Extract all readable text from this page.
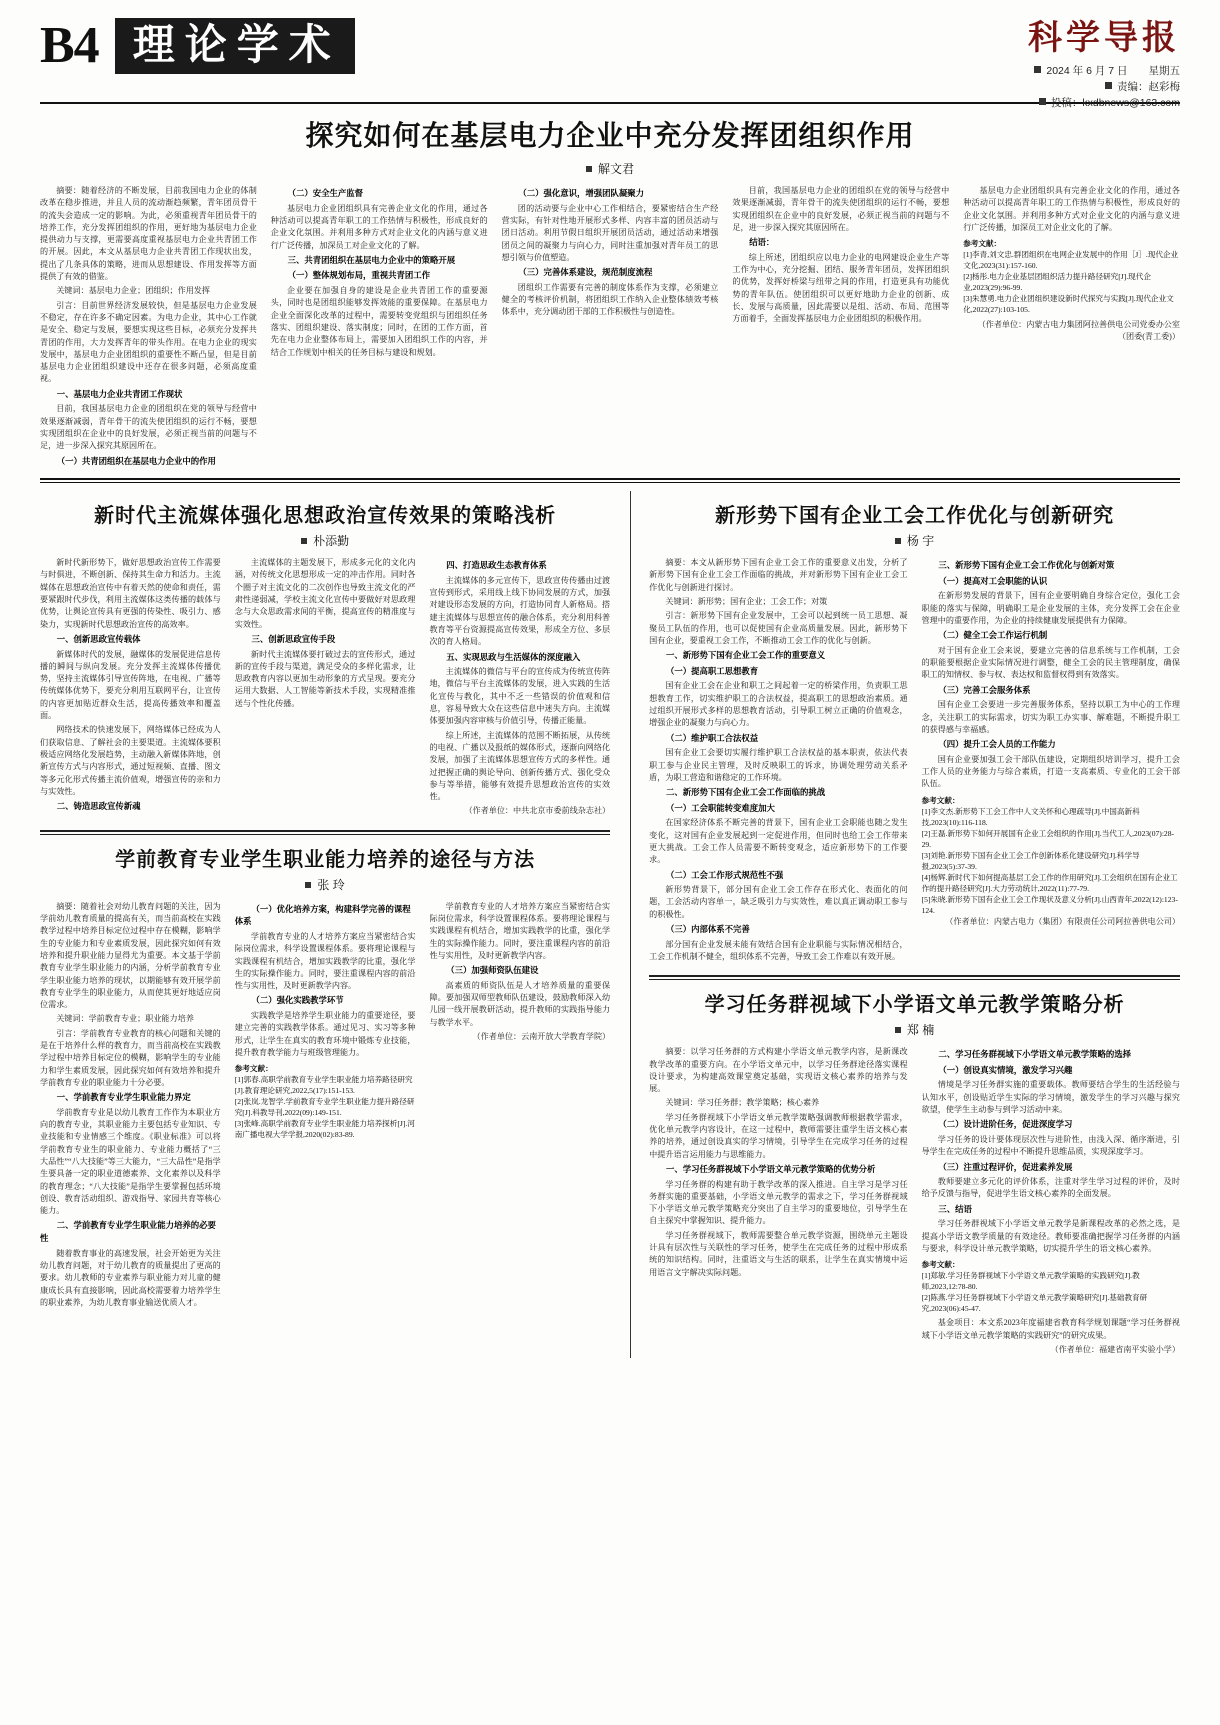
B4 理论学术	科学导报
2024 年 6 月 7 日　　星期五
责编：赵彩梅
投稿：kxdbnews@163.com
探究如何在基层电力企业中充分发挥团组织作用
解文君

摘要：随着经济的不断发展，目前我国电力企业的体制改革在稳步推进，并且人员的流动渐趋频繁，青年团员骨干的流失会造成一定的影响。为此，必须重视青年团员骨干的培养工作，充分发挥团组织的作用，更好地为基层电力企业提供动力与支撑，更需要高度重视基层电力企业共青团工作的开展。因此，本文从基层电力企业共青团工作现状出发，提出了几条具体的策略，进而从思想建设、作用发挥等方面提供了有效的借鉴。

关键词：基层电力企业；团组织；作用发挥

引言：目前世界经济发展较快，但是基层电力企业发展不稳定，存在许多不确定因素。为电力企业，其中心工作就是安全、稳定与发展，要想实现这些目标，必须充分发挥共青团的作用，大力发挥青年的带头作用。在电力企业的现实发展中，基层电力企业团组织的重要性不断凸显，但是目前基层电力企业团组织建设中还存在很多问题，必须高度重视。

一、基层电力企业共青团工作现状

目前，我国基层电力企业的团组织在党的领导与经营中效果逐渐减弱，青年骨干的流失使团组织的运行不畅，要想实现团组织在企业中的良好发展，必须正视当前的问题与不足，进一步深入探究其原因所在。

（一）共青团组织在基层电力企业中的作用

（二）安全生产监督

基层电力企业团组织具有完善企业文化的作用，通过各种活动可以提高青年职工的工作热情与积极性，形成良好的企业文化氛围。并利用多种方式对企业文化的内涵与意义进行广泛传播，加深员工对企业文化的了解。

三、共青团组织在基层电力企业中的策略开展

（一）整体规划布局，重视共青团工作

企业要在加强自身的建设是企业共青团工作的重要源头，同时也是团组织能够发挥效能的重要保障。在基层电力企业全面深化改革的过程中，需要转变党组织与团组织任务落实、团组织建设、落实制度；同时，在团的工作方面，首先在电力企业整体布局上，需要加入团组织工作的内容，并结合工作规划中相关的任务目标与建设和规划。

（二）强化意识，增强团队凝聚力

团的活动要与企业中心工作相结合，要紧密结合生产经营实际，有针对性地开展形式多样、内容丰富的团员活动与团日活动。利用节假日组织开展团员活动，通过活动来增强团员之间的凝聚力与向心力，同时注重加强对青年员工的思想引领与价值塑造。

（三）完善体系建设，规范制度流程

团组织工作需要有完善的制度体系作为支撑，必须建立健全的考核评价机制，将团组织工作纳入企业整体绩效考核体系中，充分调动团干部的工作积极性与创造性。

目前，我国基层电力企业的团组织在党的领导与经营中效果逐渐减弱，青年骨干的流失使团组织的运行不畅，要想实现团组织在企业中的良好发展，必须正视当前的问题与不足，进一步深入探究其原因所在。

结语：

综上所述，团组织应以电力企业的电网建设企业生产等工作为中心，充分挖掘、团结、服务青年团员，发挥团组织的优势，发挥好桥梁与纽带之间的作用，打造更具有功能优势的青年队伍。使团组织可以更好地助力企业的创新、成长、发展与高质量，因此需要以是组、活动、布局、范围等方面着手，全面发挥基层电力企业团组织的积极作用。

基层电力企业团组织具有完善企业文化的作用，通过各种活动可以提高青年职工的工作热情与积极性，形成良好的企业文化氛围。并利用多种方式对企业文化的内涵与意义进行广泛传播，加深员工对企业文化的了解。

参考文献：

[1]李青,刘文忠.群团组织在电网企业发展中的作用［J］.现代企业文化,2023(31):157-160.

[2]杨彤.电力企业基层团组织活力提升路径研究[J].现代企业,2023(29):96-99.

[3]朱慧勇.电力企业团组织建设新时代探究与实践[J].现代企业文化,2022(27):103-105.

（作者单位：内蒙古电力集团阿拉善供电公司党委办公室（团委(青工委)）

新时代主流媒体强化思想政治宣传效果的策略浅析
朴添勤

新时代新形势下，做好思想政治宣传工作需要与时俱进，不断创新、保持其生命力和活力。主流媒体在思想政治宣传中有着天然的使命和责任，需要紧跟时代步伐，利用主流媒体这类传播的载体与优势，让舆论宣传具有更强的传染性、吸引力、感染力，实现新时代思想政治宣传的高效率。

一、创新思政宣传载体

新媒体时代的发展，融媒体的发展促进信息传播的瞬间与纵向发展。充分发挥主流媒体传播优势，坚持主流媒体引导宣传阵地，在电视、广播等传统媒体优势下，要充分利用互联网平台，让宣传的内容更加贴近群众生活，提高传播效率和覆盖面。

网络技术的快速发展下，网络媒体已经成为人们获取信息、了解社会的主要渠道。主流媒体要积极适应网络化发展趋势，主动融入新媒体阵地，创新宣传方式与内容形式，通过短视频、直播、图文等多元化形式传播主流价值观，增强宣传的亲和力与实效性。

二、铸造思政宣传新魂

主流媒体的主题发展下，形成多元化的文化内涵，对传统文化思想形成一定的冲击作用。同时各个圈子对主流文化的二次创作也导致主流文化的严肃性递弱减，学校主流文化宣传中要做好对思政理念与大众思政需求间的平衡，提高宣传的精准度与实效性。

三、创新思政宣传手段

新时代主流媒体要打破过去的宣传形式，通过新的宣传手段与渠道，满足受众的多样化需求，让思政教育内容以更加生动形象的方式呈现。要充分运用大数据、人工智能等新技术手段，实现精准推送与个性化传播。

四、打造思政生态教育体系

主流媒体的多元宣传下，思政宣传传播由过渡宣传到形式，采用线上线下协同发展的方式，加强对建设形态发展的方向，打造协同育人新格局。搭建主流媒体与思想宣传的融合体系，充分利用科普教育等平台资源提高宣传效果，形成全方位、多层次的育人格局。

五、实现思政与生活媒体的深度融入

主流媒体的微信与平台的宣传成为传统宣传阵地，微信与平台主流媒体的发展，进入实践的生活化宣传与教化，其中不乏一些错误的价值观和信息，容易导致大众在这些信息中迷失方向。主流媒体要加强内容审核与价值引导，传播正能量。

综上所述，主流媒体的范围不断拓展，从传统的电视、广播以及报纸的媒体形式，逐渐向网络化发展，加强了主流媒体思想宣传方式的多样性。通过把握正确的舆论导向、创新传播方式、强化受众参与等举措，能够有效提升思想政治宣传的实效性。

（作者单位：中共北京市委前线杂志社）

学前教育专业学生职业能力培养的途径与方法
张 玲

摘要：随着社会对幼儿教育问题的关注，因为学前幼儿教育质量的提高有关，而当前高校在实践教学过程中培养目标定位过程中存在模糊，影响学生的专业能力和专业素质发展，因此探究如何有效培养和提升职业能力显得尤为重要。本文基于学前教育专业学生职业能力的内涵，分析学前教育专业学生职业能力培养的现状，以期能够有效开展学前教育专业学生的职业能力，从而使其更好地适应岗位需求。

关键词：学前教育专业；职业能力培养

引言：学前教育专业教育的核心问题和关键的是在于培养什么样的教育力，而当前高校在实践教学过程中培养目标定位的模糊，影响学生的专业能力和学生素质发展，因此探究如何有效培养和提升学前教育专业的职业能力十分必要。

一、学前教育专业学生职业能力界定

学前教育专业是以幼儿教育工作作为本职业方向的教育专业，其职业能力主要包括专业知识、专业技能和专业情感三个维度。《职业标准》可以将学前教育专业生的职业能力、专业能力概括了“三大品性”“八大技能”等三大能力，“三大品性”是指学生要具备一定的职业道德素养、文化素养以及科学的教育理念；“八大技能”是指学生要掌握包括环境创设、教育活动组织、游戏指导、家园共育等核心能力。

二、学前教育专业学生职业能力培养的必要性

随着教育事业的高速发展，社会开始更为关注幼儿教育问题，对于幼儿教育的质量提出了更高的要求。幼儿教师的专业素养与职业能力对儿童的健康成长具有直接影响，因此高校需要着力培养学生的职业素养，为幼儿教育事业输送优质人才。

（一）优化培养方案，构建科学完善的课程体系

学前教育专业的人才培养方案应当紧密结合实际岗位需求，科学设置课程体系。要将理论课程与实践课程有机结合，增加实践教学的比重，强化学生的实际操作能力。同时，要注重课程内容的前沿性与实用性，及时更新教学内容。

（二）强化实践教学环节

实践教学是培养学生职业能力的重要途径，要建立完善的实践教学体系。通过见习、实习等多种形式，让学生在真实的教育环境中锻炼专业技能，提升教育教学能力与班级管理能力。

参考文献：

[1]郭春.高职学前教育专业学生职业能力培养路径研究[J].教育理论研究,2022,5(17):151-153.

[2]张岚.龙智学.学前教育专业学生职业能力提升路径研究[J].科教导刊,2022(09):149-151.

[3]张峰.高职学前教育专业学生职业能力培养探析[J].河南广播电视大学学报,2020(02):83-89.

学前教育专业的人才培养方案应当紧密结合实际岗位需求，科学设置课程体系。要将理论课程与实践课程有机结合，增加实践教学的比重，强化学生的实际操作能力。同时，要注重课程内容的前沿性与实用性，及时更新教学内容。

（三）加强师资队伍建设

高素质的师资队伍是人才培养质量的重要保障。要加强双师型教师队伍建设，鼓励教师深入幼儿园一线开展教研活动，提升教师的实践指导能力与教学水平。

（作者单位：云南开放大学教育学院）

新形势下国有企业工会工作优化与创新研究
杨 宇

摘要：本文从新形势下国有企业工会工作的重要意义出发，分析了新形势下国有企业工会工作面临的挑战，并对新形势下国有企业工会工作优化与创新进行探讨。

关键词：新形势；国有企业；工会工作；对策

引言：新形势下国有企业发展中，工会可以起到统一员工思想、凝聚员工队伍的作用，也可以促使国有企业高质量发展。因此，新形势下国有企业，要重视工会工作，不断推动工会工作的优化与创新。

一、新形势下国有企业工会工作的重要意义

（一）提高职工思想教育

国有企业工会在企业和职工之间起着一定的桥梁作用，负责职工思想教育工作，切实维护职工的合法权益，提高职工的思想政治素质。通过组织开展形式多样的思想教育活动，引导职工树立正确的价值观念，增强企业的凝聚力与向心力。

（二）维护职工合法权益

国有企业工会要切实履行维护职工合法权益的基本职责，依法代表职工参与企业民主管理，及时反映职工的诉求，协调处理劳动关系矛盾，为职工营造和谐稳定的工作环境。

二、新形势下国有企业工会工作面临的挑战

（一）工会职能转变难度加大

在国家经济体系不断完善的背景下，国有企业工会职能也随之发生变化，这对国有企业发展起到一定促进作用，但同时也给工会工作带来更大挑战。工会工作人员需要不断转变观念，适应新形势下的工作要求。

（二）工会工作形式规范性不强

新形势背景下，部分国有企业工会工作存在形式化、表面化的问题，工会活动内容单一，缺乏吸引力与实效性，难以真正调动职工参与的积极性。

（三）内部体系不完善

部分国有企业发展未能有效结合国有企业职能与实际情况相结合，工会工作机制不健全，组织体系不完善，导致工会工作难以有效开展。

三、新形势下国有企业工会工作优化与创新对策

（一）提高对工会职能的认识

在新形势发展的背景下，国有企业要明确自身综合定位，强化工会职能的落实与保障，明确职工是企业发展的主体，充分发挥工会在企业管理中的重要作用，为企业的持续健康发展提供有力保障。

（二）健全工会工作运行机制

对于国有企业工会来说，要建立完善的信息系统与工作机制，工会的职能要根据企业实际情况进行调整，健全工会的民主管理制度，确保职工的知情权、参与权、表达权和监督权得到有效落实。

（三）完善工会服务体系

国有企业工会要进一步完善服务体系，坚持以职工为中心的工作理念，关注职工的实际需求，切实为职工办实事、解难题，不断提升职工的获得感与幸福感。

（四）提升工会人员的工作能力

国有企业要加强工会干部队伍建设，定期组织培训学习，提升工会工作人员的业务能力与综合素质，打造一支高素质、专业化的工会干部队伍。

参考文献：

[1]李文杰.新形势下工会工作中人文关怀和心理疏导[J].中国高新科技,2023(10):116-118.

[2]王磊.新形势下如何开展国有企业工会组织的作用[J].当代工人,2023(07):28-29.

[3]刘艳.新形势下国有企业工会工作创新体系化建设研究[J].科学导报,2023(5):37-39.

[4]杨辉.新时代下如何提高基层工会工作的作用研究[J].工会组织在国有企业工作的提升路径研究[J].大力劳动统计,2022(11):77-79.

[5]朱晓.新形势下国有企业工会工作现状及意义分析[J].山西青年,2022(12):123-124.

（作者单位：内蒙古电力（集团）有限责任公司阿拉善供电公司）

学习任务群视域下小学语文单元教学策略分析
郑 楠

摘要：以学习任务群的方式构建小学语文单元教学内容，是新课改教学改革的重要方向。在小学语文单元中，以学习任务群途径落实课程设计要求，为构建高效课堂奠定基础，实现语文核心素养的培养与发展。

关键词：学习任务群；教学策略；核心素养

学习任务群视域下小学语文单元教学策略强调教师根据教学需求，优化单元教学内容设计，在这一过程中，教师需要注重学生语文核心素养的培养，通过创设真实的学习情境，引导学生在完成学习任务的过程中提升语言运用能力与思维能力。

一、学习任务群视域下小学语文单元教学策略的优势分析

学习任务群的构建有助于教学改革的深入推进。自主学习是学习任务群实施的重要基础，小学语文单元教学的需求之下，学习任务群视域下小学语文单元教学策略充分突出了自主学习的重要地位，引导学生在自主探究中掌握知识、提升能力。

学习任务群视域下，教师需要整合单元教学资源，围绕单元主题设计具有层次性与关联性的学习任务，使学生在完成任务的过程中形成系统的知识结构。同时，注重语文与生活的联系，让学生在真实情境中运用语言文字解决实际问题。

二、学习任务群视域下小学语文单元教学策略的选择

（一）创设真实情境，激发学习兴趣

情境是学习任务群实施的重要载体。教师要结合学生的生活经验与认知水平，创设贴近学生实际的学习情境，激发学生的学习兴趣与探究欲望，使学生主动参与到学习活动中来。

（二）设计进阶任务，促进深度学习

学习任务的设计要体现层次性与进阶性，由浅入深、循序渐进，引导学生在完成任务的过程中不断提升思维品质，实现深度学习。

（三）注重过程评价，促进素养发展

教师要建立多元化的评价体系，注重对学生学习过程的评价，及时给予反馈与指导，促进学生语文核心素养的全面发展。

三、结语

学习任务群视域下小学语文单元教学是新课程改革的必然之选，是提高小学语文教学质量的有效途径。教师要准确把握学习任务群的内涵与要求，科学设计单元教学策略，切实提升学生的语文核心素养。

参考文献：

[1]郑敏.学习任务群视域下小学语文单元教学策略的实践研究[J].教师,2023,12:78-80.

[2]陈燕.学习任务群视域下小学语文单元教学策略研究[J].基础教育研究,2023(06):45-47.

基金项目：本文系2023年度福建省教育科学规划课题“学习任务群视域下小学语文单元教学策略的实践研究”的研究成果。

（作者单位：福建省南平实验小学）
